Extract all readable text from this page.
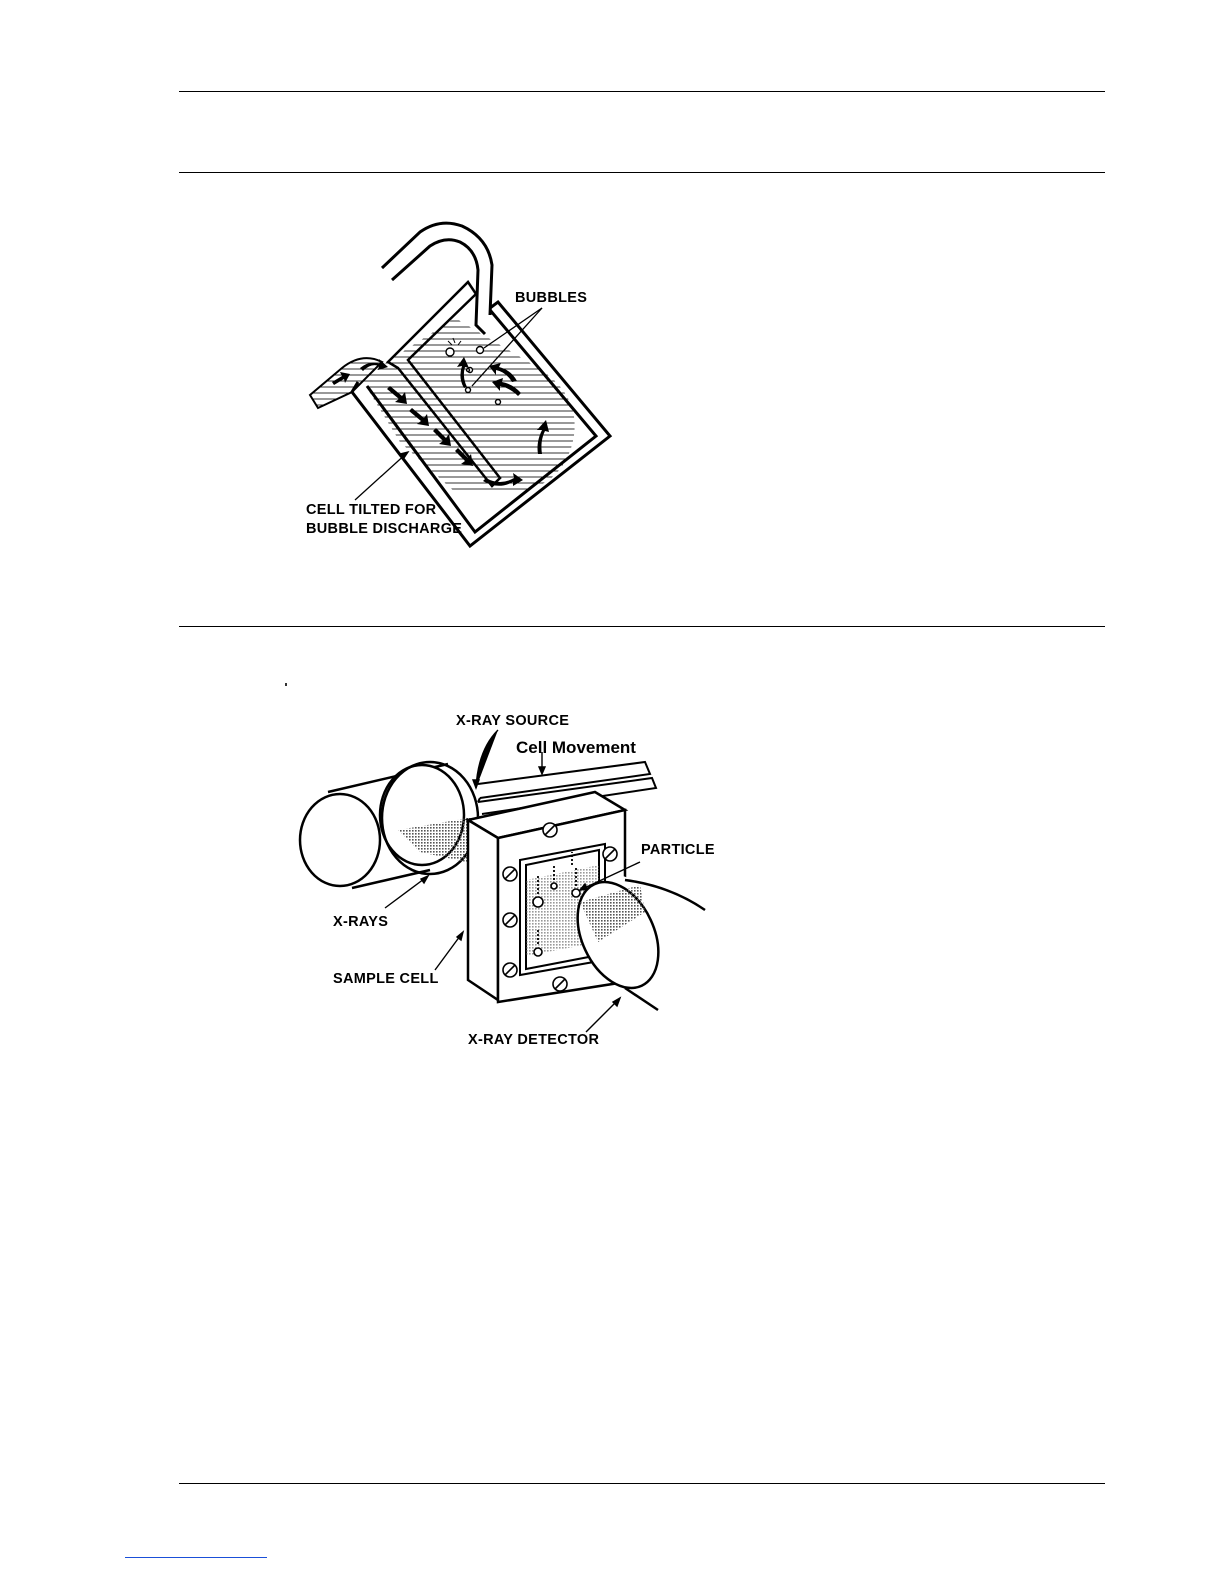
BUBBLES
CELL TILTED FOR
BUBBLE DISCHARGE
X-RAY SOURCE
Cell Movement
PARTICLE
X-RAYS
SAMPLE CELL
X-RAY DETECTOR
